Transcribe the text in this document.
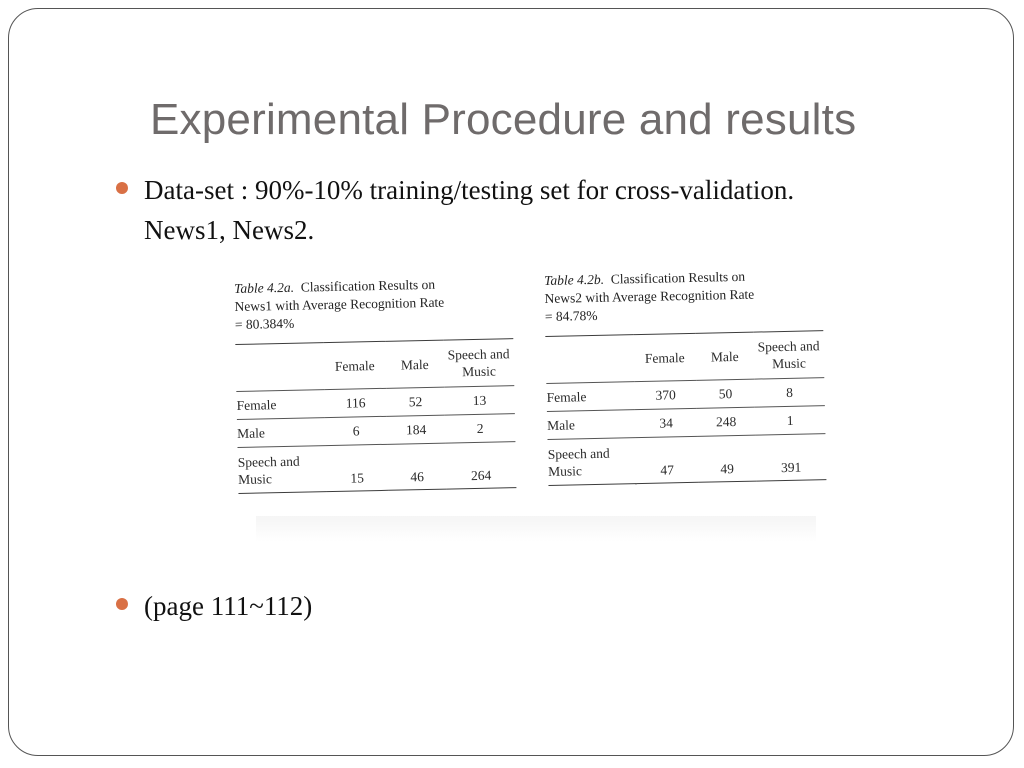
Experimental Procedure and results
Data-set : 90%-10% training/testing set for cross-validation.
News1, News2.
Table 4.2a. Classification Results on
News1 with Average Recognition Rate
= 80.384%
	Female	Male	Speech and Music
Female	116	52	13
Male	6	184	2
Speech and Music	15	46	264
Table 4.2b. Classification Results on
News2 with Average Recognition Rate
= 84.78%
	Female	Male	Speech and Music
Female	370	50	8
Male	34	248	1
Speech and Music	47	49	391
(page 111~112)
